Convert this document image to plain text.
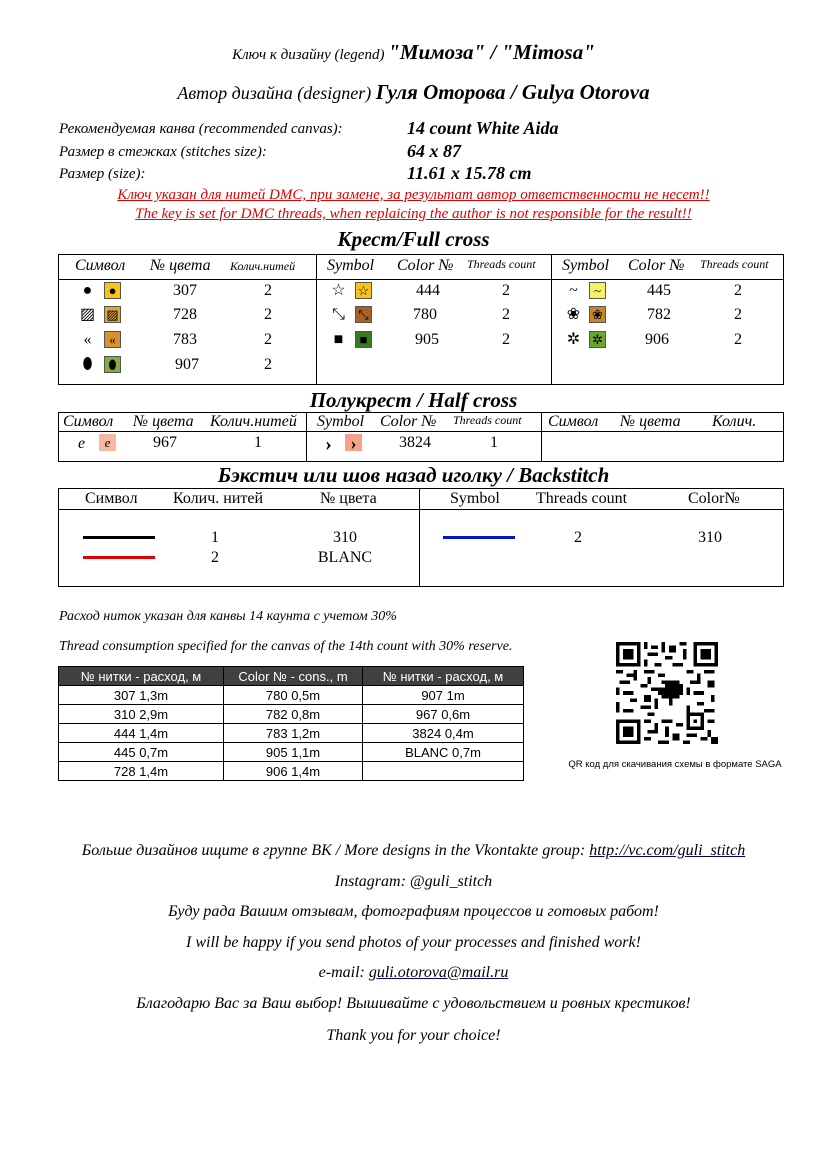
Ключ к дизайну (legend) "Мимоза" / "Mimosa"
Автор дизайна (designer) Гуля Оторова / Gulya Otorova
Рекомендуемая канва (recommended canvas):	14 count White Aida
Размер в стежках (stitches size):	64 x 87
Размер (size):	11.61 x 15.78 cm
Ключ указан для нитей DMC, при замене, за результат автор ответственности не несет!!
The key is set for DMC threads, when replaicing the author is not responsible for the result!!
Крест/Full cross
Символ № цвета Колич.нитей Symbol Color № Threads count Symbol Color № Threads count
●	●	307	2
▨ ▨	728	2
«	«	783	2
⬮	⬮	907	2
☆ ☆	444	2
⤡ ⤡	780	2
■	■	905	2
~	~	445	2
❀ ❀	782	2
✲ ✲	906	2
Полукрест / Half cross
Символ № цвета Колич.нитей Symbol Color № Threads count Символ № цвета Колич.
e	e	967	1	›	›	3824	1
Бэкстич или шов назад иголку / Backstitch
Символ Колич. нитей	№ цвета	Symbol Threads count	Color№
1	310
2	BLANC
2	310
Расход ниток указан для канвы 14 каунта с учетом 30%
Thread consumption specified for the canvas of the 14th count with 30% reserve.
№ нитки - расход, м	Color № - cons., m	№ нитки - расход, м
307 1,3m	780 0,5m	907 1m
310 2,9m	782 0,8m	967 0,6m
444 1,4m	783 1,2m	3824 0,4m
445 0,7m	905 1,1m	BLANC 0,7m
728 1,4m	906 1,4m		QR код для скачивания схемы в формате SAGA
Больше дизайнов ищите в группе ВК / More designs in the Vkontakte group: http://vc.com/guli_stitch
Instagram: @guli_stitch
Буду рада Вашим отзывам, фотографиям процессов и готовых работ!
I will be happy if you send photos of your processes and finished work!
e-mail: guli.otorova@mail.ru
Благодарю Вас за Ваш выбор! Вышивайте с удовольствием и ровных крестиков!
Thank you for your choice!
